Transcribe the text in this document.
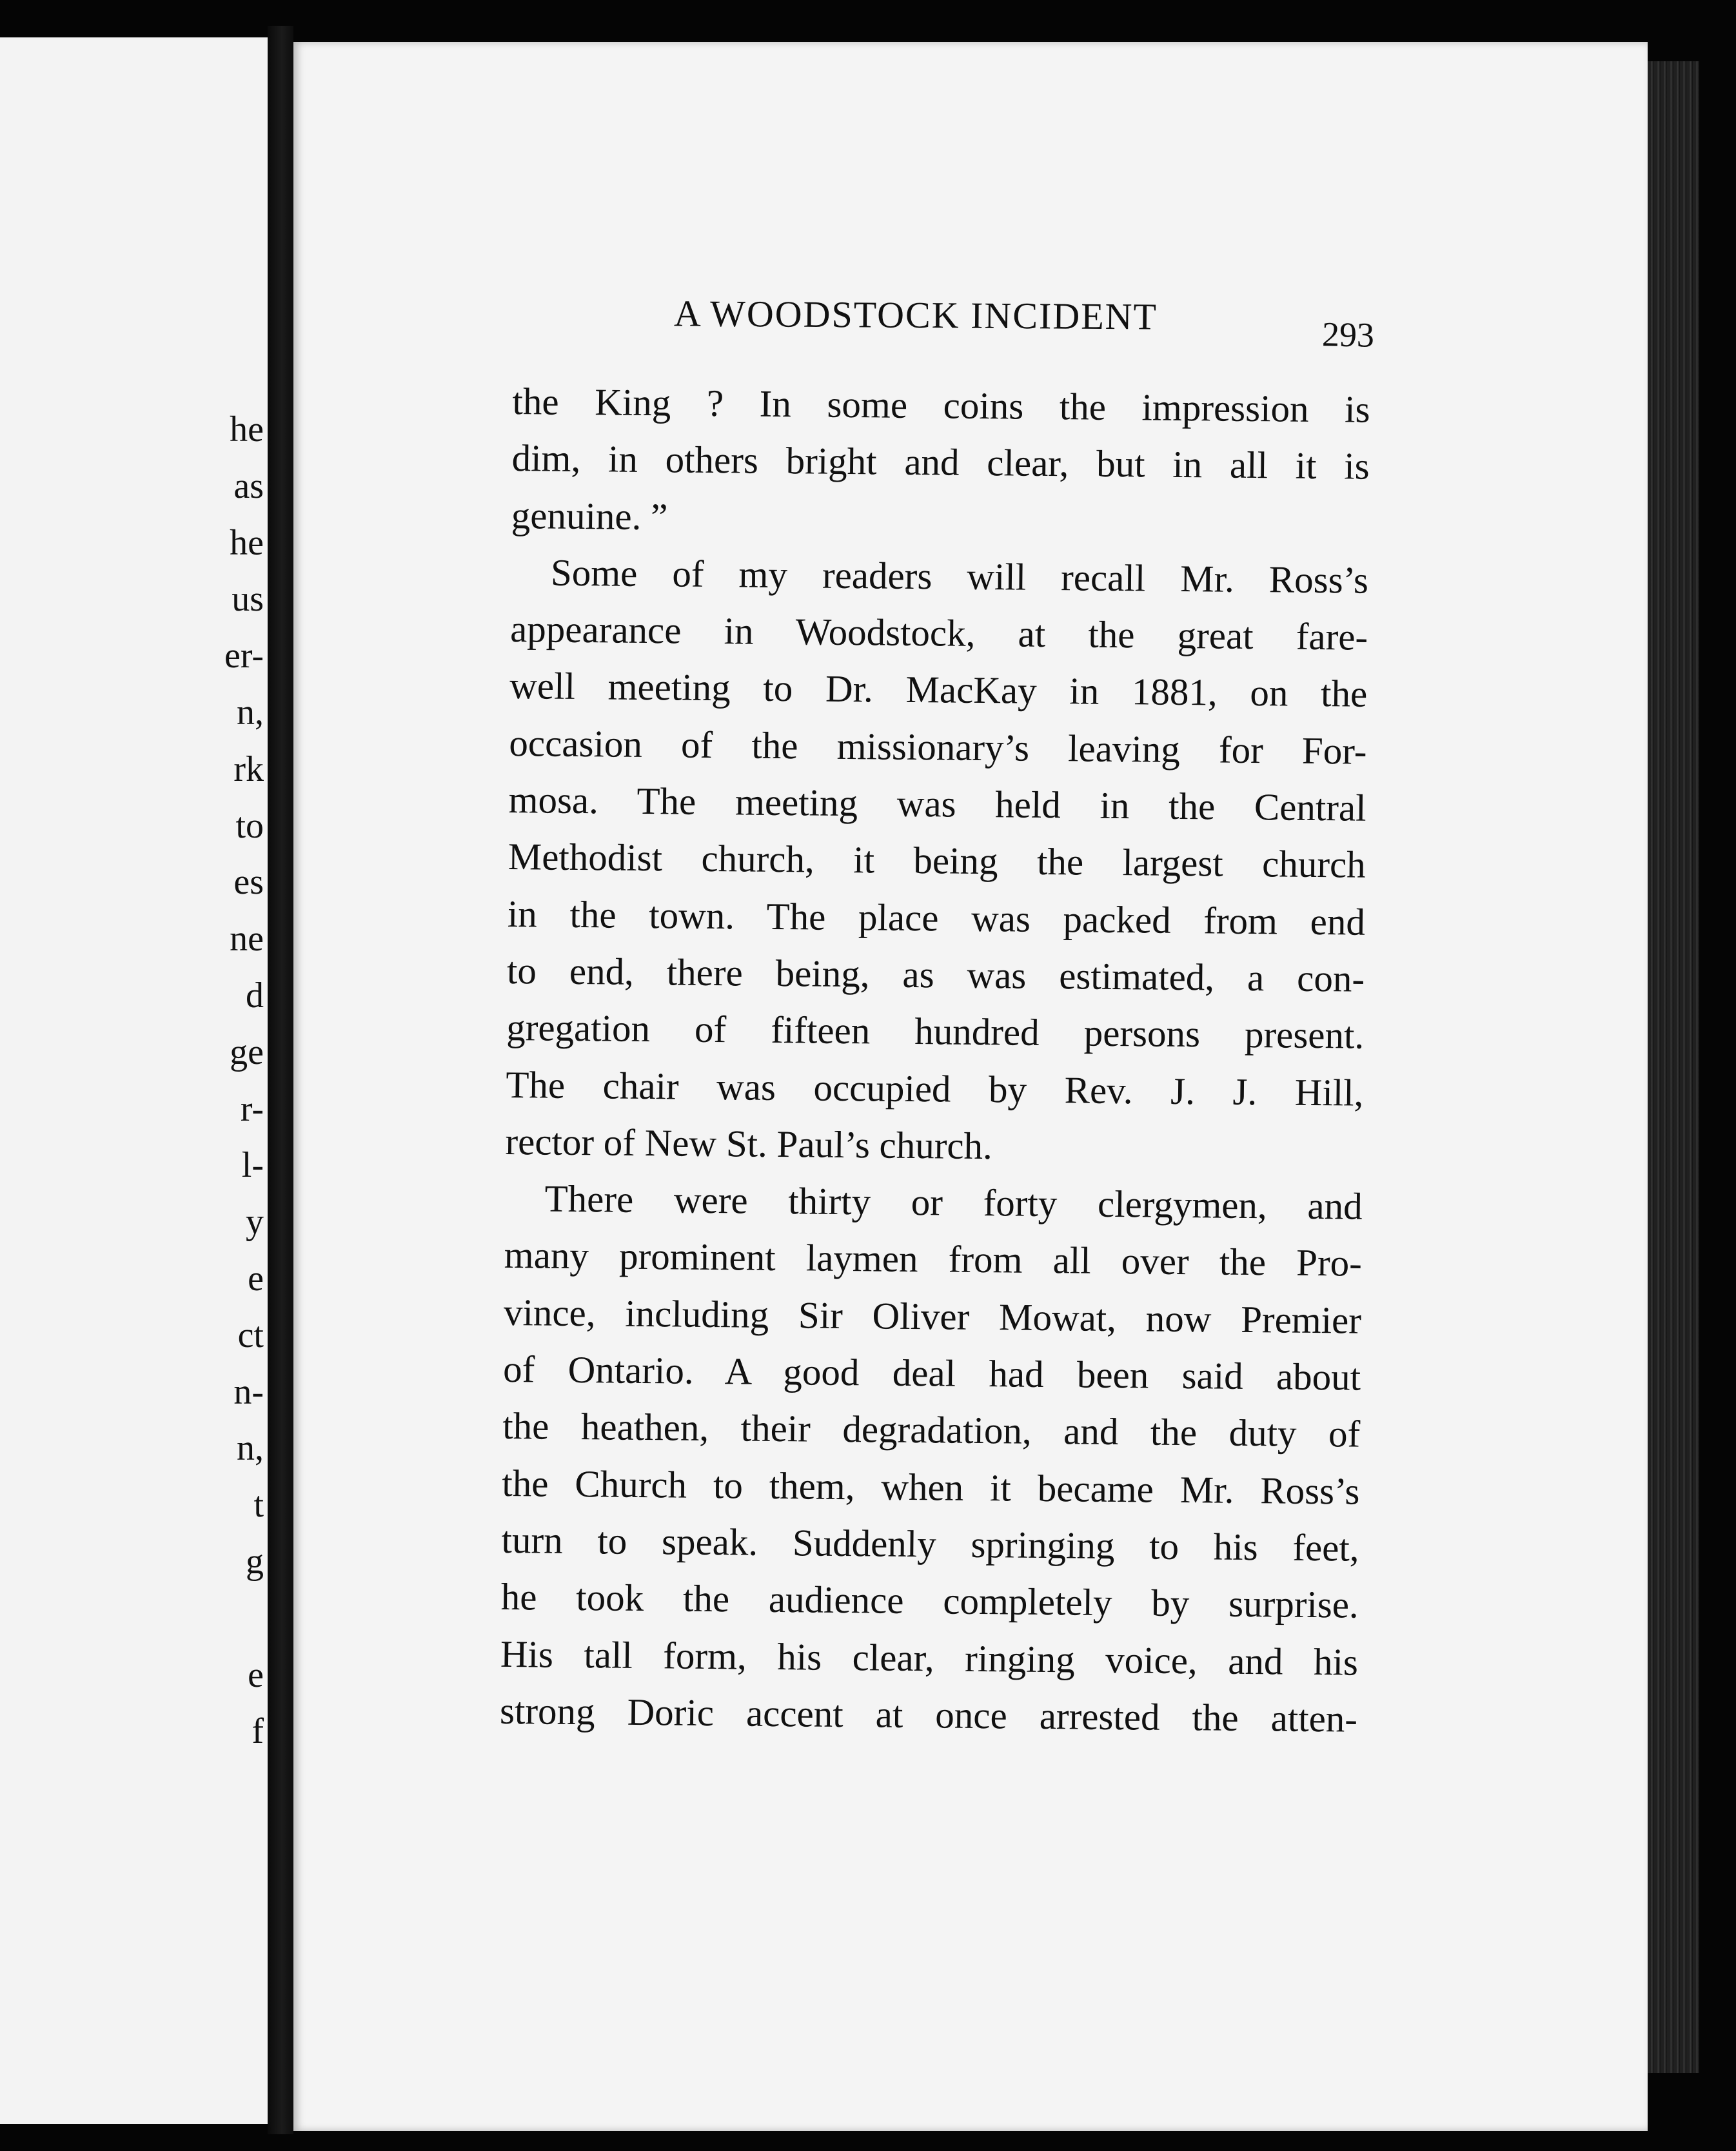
he
as
he
us
er-
n,
rk
to
es
ne
d
ge
r-
l-
y
e
ct
n-
n,
t
g
e
f
A WOODSTOCK INCIDENT	293
the King ? In some coins the impression is
dim, in others bright and clear, but in all it is
genuine. ”
Some of my readers will recall Mr. Ross’s
appearance in Woodstock, at the great fare-
well meeting to Dr. MacKay in 1881, on the
occasion of the missionary’s leaving for For-
mosa. The meeting was held in the Central
Methodist church, it being the largest church
in the town. The place was packed from end
to end, there being, as was estimated, a con-
gregation of fifteen hundred persons present.
The chair was occupied by Rev. J. J. Hill,
rector of New St. Paul’s church.
There were thirty or forty clergymen, and
many prominent laymen from all over the Pro-
vince, including Sir Oliver Mowat, now Premier
of Ontario. A good deal had been said about
the heathen, their degradation, and the duty of
the Church to them, when it became Mr. Ross’s
turn to speak. Suddenly springing to his feet,
he took the audience completely by surprise.
His tall form, his clear, ringing voice, and his
strong Doric accent at once arrested the atten-
